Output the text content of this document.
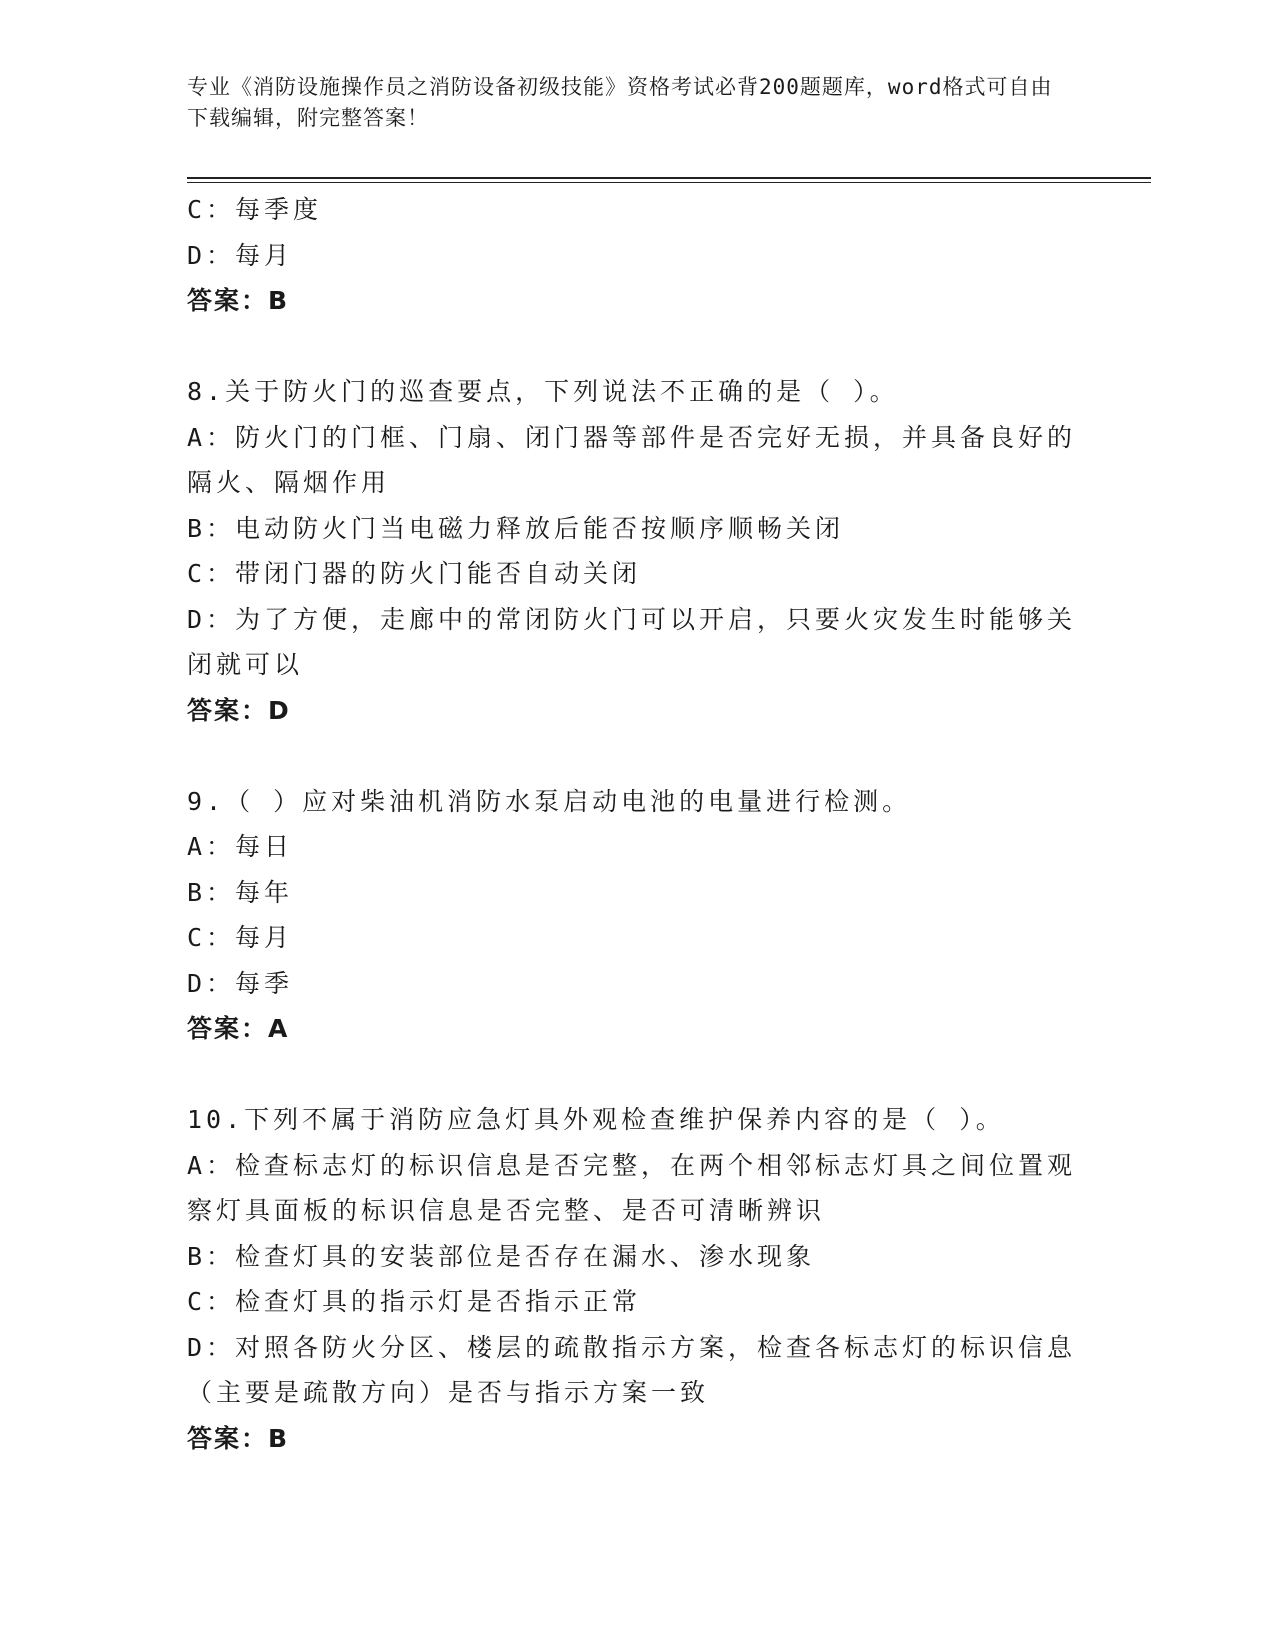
专业《消防设施操作员之消防设备初级技能》资格考试必背200题题库，word格式可自由下载编辑，附完整答案！
C：每季度
D：每月
答案：B
8.关于防火门的巡查要点，下列说法不正确的是（ ）。
A：防火门的门框、门扇、闭门器等部件是否完好无损，并具备良好的
隔火、隔烟作用
B：电动防火门当电磁力释放后能否按顺序顺畅关闭
C：带闭门器的防火门能否自动关闭
D：为了方便，走廊中的常闭防火门可以开启，只要火灾发生时能够关
闭就可以
答案：D
9.（ ）应对柴油机消防水泵启动电池的电量进行检测。
A：每日
B：每年
C：每月
D：每季
答案：A
10.下列不属于消防应急灯具外观检查维护保养内容的是（ ）。
A：检查标志灯的标识信息是否完整，在两个相邻标志灯具之间位置观
察灯具面板的标识信息是否完整、是否可清晰辨识
B：检查灯具的安装部位是否存在漏水、渗水现象
C：检查灯具的指示灯是否指示正常
D：对照各防火分区、楼层的疏散指示方案，检查各标志灯的标识信息
（主要是疏散方向）是否与指示方案一致
答案：B
